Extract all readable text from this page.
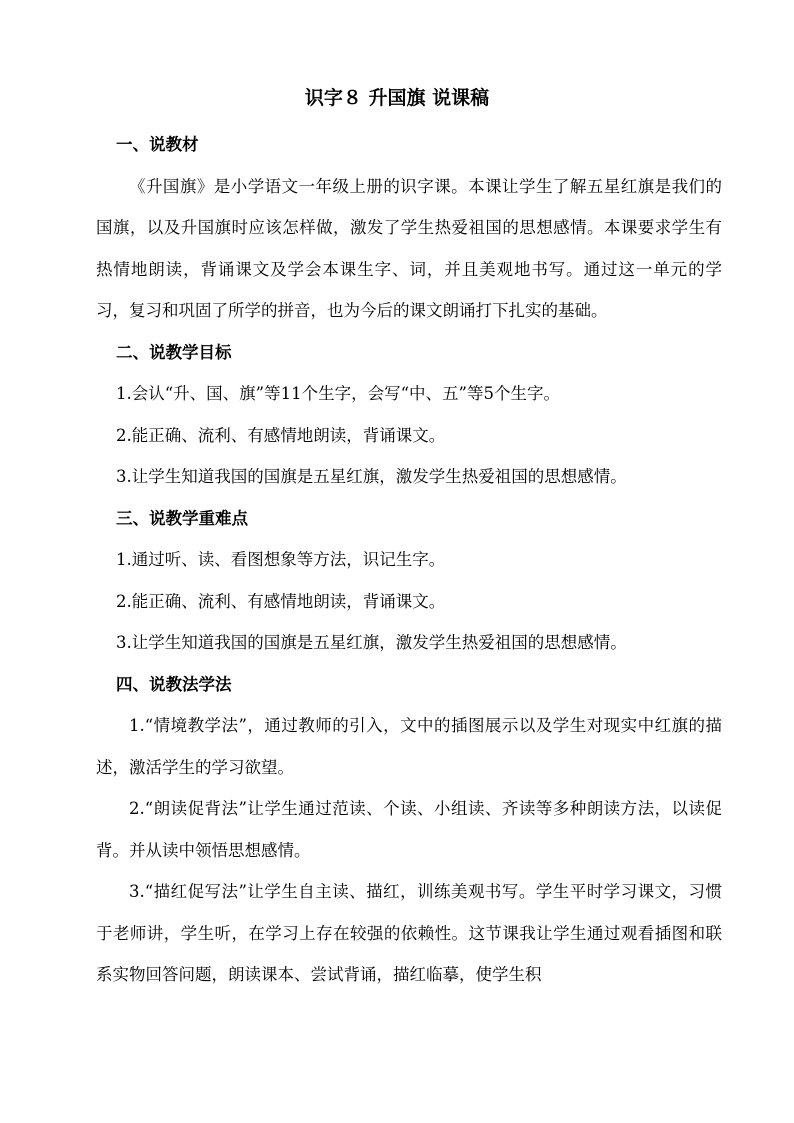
识字８ 升国旗 说课稿

一、说教材

《升国旗》是小学语文一年级上册的识字课。本课让学生了解五星红旗是我们的国旗，以及升国旗时应该怎样做，激发了学生热爱祖国的思想感情。本课要求学生有热情地朗读，背诵课文及学会本课生字、词，并且美观地书写。通过这一单元的学习，复习和巩固了所学的拼音，也为今后的课文朗诵打下扎实的基础。

二、说教学目标

1.会认“升、国、旗”等11个生字，会写“中、五”等5个生字。

2.能正确、流利、有感情地朗读，背诵课文。

3.让学生知道我国的国旗是五星红旗，激发学生热爱祖国的思想感情。

三、说教学重难点

1.通过听、读、看图想象等方法，识记生字。

2.能正确、流利、有感情地朗读，背诵课文。

3.让学生知道我国的国旗是五星红旗，激发学生热爱祖国的思想感情。

四、说教法学法

1.“情境教学法”，通过教师的引入，文中的插图展示以及学生对现实中红旗的描述，激活学生的学习欲望。

2.“朗读促背法”让学生通过范读、个读、小组读、齐读等多种朗读方法，以读促背。并从读中领悟思想感情。

3.“描红促写法”让学生自主读、描红，训练美观书写。学生平时学习课文，习惯于老师讲，学生听，在学习上存在较强的依赖性。这节课我让学生通过观看插图和联系实物回答问题，朗读课本、尝试背诵，描红临摹，使学生积
